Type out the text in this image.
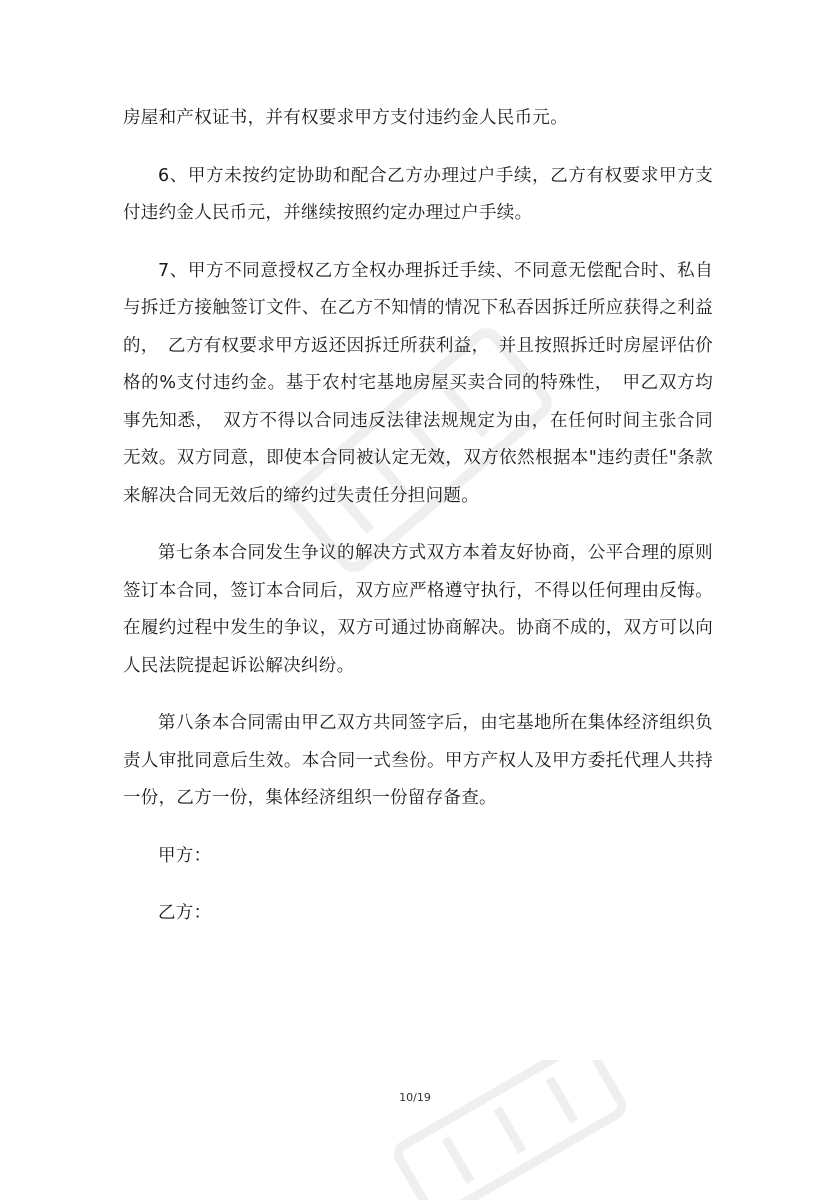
房屋和产权证书，并有权要求甲方支付违约金人民币元。

6、甲方未按约定协助和配合乙方办理过户手续，乙方有权要求甲方支付违约金人民币元，并继续按照约定办理过户手续。

7、甲方不同意授权乙方全权办理拆迁手续、不同意无偿配合时、私自与拆迁方接触签订文件、在乙方不知情的情况下私吞因拆迁所应获得之利益的，　乙方有权要求甲方返还因拆迁所获利益，　并且按照拆迁时房屋评估价格的%支付违约金。基于农村宅基地房屋买卖合同的特殊性，　甲乙双方均事先知悉，　双方不得以合同违反法律法规规定为由，在任何时间主张合同无效。双方同意，即使本合同被认定无效，双方依然根据本"违约责任"条款来解决合同无效后的缔约过失责任分担问题。

第七条本合同发生争议的解决方式双方本着友好协商，公平合理的原则签订本合同，签订本合同后，双方应严格遵守执行，不得以任何理由反悔。在履约过程中发生的争议，双方可通过协商解决。协商不成的，双方可以向人民法院提起诉讼解决纠纷。

第八条本合同需由甲乙双方共同签字后，由宅基地所在集体经济组织负责人审批同意后生效。本合同一式叁份。甲方产权人及甲方委托代理人共持一份，乙方一份，集体经济组织一份留存备查。

甲方：

乙方：

10/19
